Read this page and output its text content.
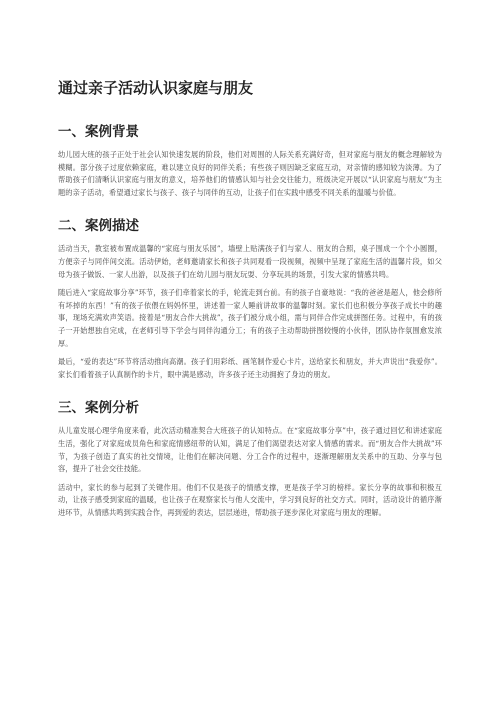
通过亲子活动认识家庭与朋友
一、案例背景

幼儿园大班的孩子正处于社会认知快速发展的阶段，他们对周围的人际关系充满好奇，但对家庭与朋友的概念理解较为模糊。部分孩子过度依赖家庭，难以建立良好的同伴关系；有些孩子则因缺乏家庭互动，对亲情的感知较为淡薄。为了帮助孩子们清晰认识家庭与朋友的意义，培养他们的情感认知与社会交往能力，班级决定开展以“认识家庭与朋友”为主题的亲子活动，希望通过家长与孩子、孩子与同伴的互动，让孩子们在实践中感受不同关系的温暖与价值。

二、案例描述

活动当天，教室被布置成温馨的“家庭与朋友乐园”，墙壁上贴满孩子们与家人、朋友的合照，桌子围成一个个小圆圈，方便亲子与同伴间交流。活动伊始，老师邀请家长和孩子共同观看一段视频，视频中呈现了家庭生活的温馨片段，如父母为孩子做饭、一家人出游，以及孩子们在幼儿园与朋友玩耍、分享玩具的场景，引发大家的情感共鸣。

随后进入“家庭故事分享”环节，孩子们牵着家长的手，轮流走到台前。有的孩子自豪地说：“我的爸爸是超人，他会修所有坏掉的东西！”有的孩子依偎在妈妈怀里，讲述着一家人睡前讲故事的温馨时刻。家长们也积极分享孩子成长中的趣事，现场充满欢声笑语。接着是“朋友合作大挑战”，孩子们被分成小组，需与同伴合作完成拼图任务。过程中，有的孩子一开始想独自完成，在老师引导下学会与同伴沟通分工；有的孩子主动帮助拼图较慢的小伙伴，团队协作氛围愈发浓厚。

最后，“爱的表达”环节将活动推向高潮。孩子们用彩纸、画笔制作爱心卡片，送给家长和朋友，并大声说出“我爱你”。家长们看着孩子认真制作的卡片，眼中满是感动，许多孩子还主动拥抱了身边的朋友。

三、案例分析

从儿童发展心理学角度来看，此次活动精准契合大班孩子的认知特点。在“家庭故事分享”中，孩子通过回忆和讲述家庭生活，强化了对家庭成员角色和家庭情感纽带的认知，满足了他们渴望表达对家人情感的需求。而“朋友合作大挑战”环节，为孩子创造了真实的社交情境，让他们在解决问题、分工合作的过程中，逐渐理解朋友关系中的互助、分享与包容，提升了社会交往技能。

活动中，家长的参与起到了关键作用。他们不仅是孩子的情感支撑，更是孩子学习的榜样。家长分享的故事和积极互动，让孩子感受到家庭的温暖，也让孩子在观察家长与他人交流中，学习到良好的社交方式。同时，活动设计的循序渐进环节，从情感共鸣到实践合作，再到爱的表达，层层递进，帮助孩子逐步深化对家庭与朋友的理解。
